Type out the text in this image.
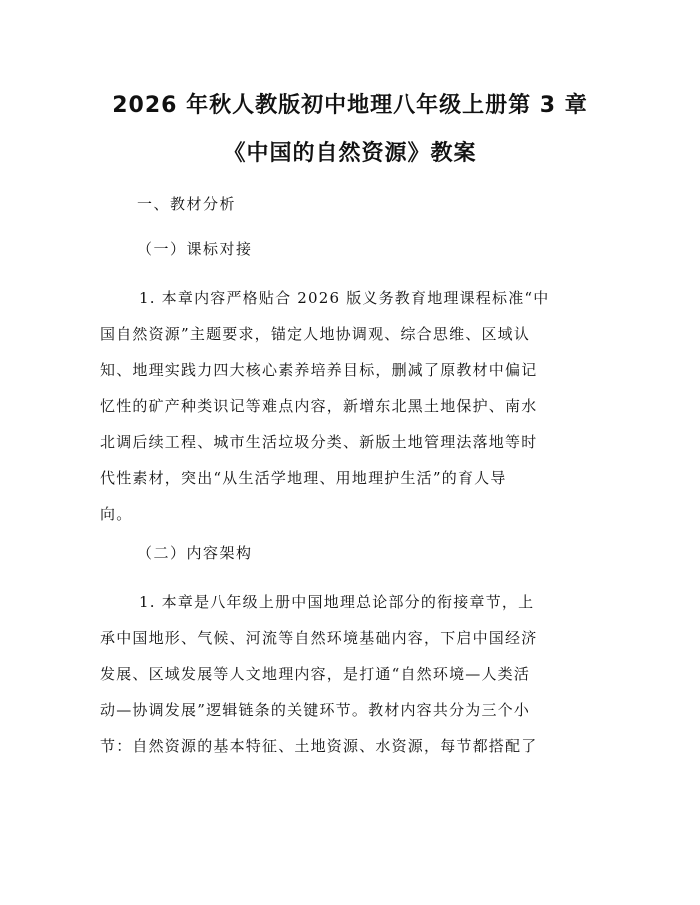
2026 年秋人教版初中地理八年级上册第 3 章
《中国的自然资源》教案
一、教材分析
（一）课标对接
1. 本章内容严格贴合 2026 版义务教育地理课程标准“中
国自然资源”主题要求，锚定人地协调观、综合思维、区域认
知、地理实践力四大核心素养培养目标，删减了原教材中偏记
忆性的矿产种类识记等难点内容，新增东北黑土地保护、南水
北调后续工程、城市生活垃圾分类、新版土地管理法落地等时
代性素材，突出“从生活学地理、用地理护生活”的育人导
向。
（二）内容架构
1. 本章是八年级上册中国地理总论部分的衔接章节，上
承中国地形、气候、河流等自然环境基础内容，下启中国经济
发展、区域发展等人文地理内容，是打通“自然环境—人类活
动—协调发展”逻辑链条的关键环节。教材内容共分为三个小
节：自然资源的基本特征、土地资源、水资源，每节都搭配了
